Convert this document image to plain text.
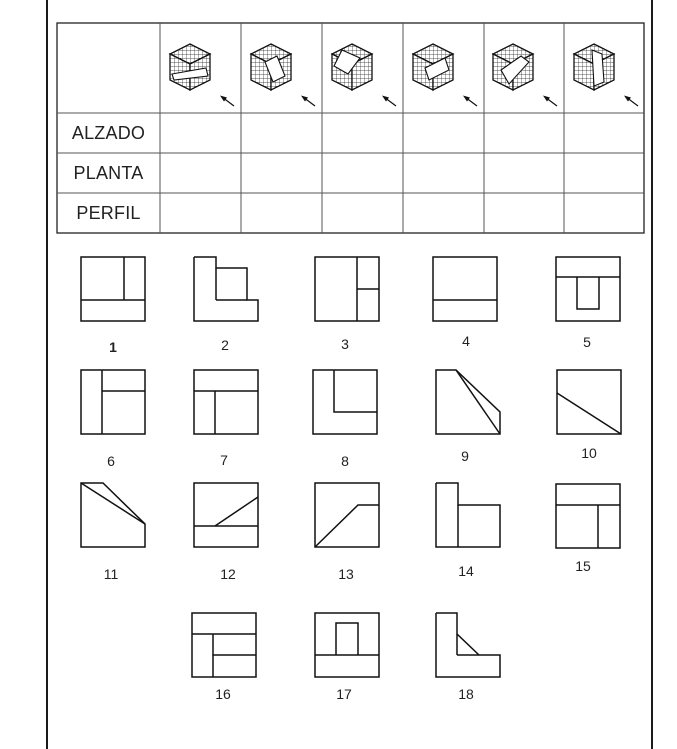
ALZADO
PLANTA
PERFIL
1	2	3	4	5
6	7	8	9	10
11	12	13	14	15
16	17	18
